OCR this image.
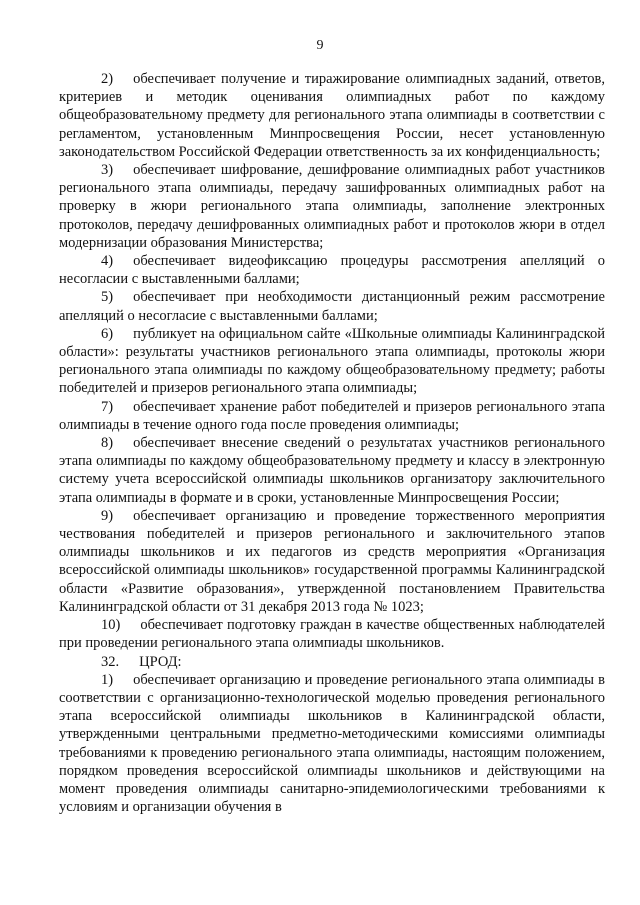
9

2) обеспечивает получение и тиражирование олимпиадных заданий, ответов, критериев и методик оценивания олимпиадных работ по каждому общеобразовательному предмету для регионального этапа олимпиады в соответствии с регламентом, установленным Минпросвещения России, несет установленную законодательством Российской Федерации ответственность за их конфиденциальность;

3) обеспечивает шифрование, дешифрование олимпиадных работ участников регионального этапа олимпиады, передачу зашифрованных олимпиадных работ на проверку в жюри регионального этапа олимпиады, заполнение электронных протоколов, передачу дешифрованных олимпиадных работ и протоколов жюри в отдел модернизации образования Министерства;

4) обеспечивает видеофиксацию процедуры рассмотрения апелляций о несогласии с выставленными баллами;

5) обеспечивает при необходимости дистанционный режим рассмотрение апелляций о несогласие с выставленными баллами;

6) публикует на официальном сайте «Школьные олимпиады Калининградской области»: результаты участников регионального этапа олимпиады, протоколы жюри регионального этапа олимпиады по каждому общеобразовательному предмету; работы победителей и призеров регионального этапа олимпиады;

7) обеспечивает хранение работ победителей и призеров регионального этапа олимпиады в течение одного года после проведения олимпиады;

8) обеспечивает внесение сведений о результатах участников регионального этапа олимпиады по каждому общеобразовательному предмету и классу в электронную систему учета всероссийской олимпиады школьников организатору заключительного этапа олимпиады в формате и в сроки, установленные Минпросвещения России;

9) обеспечивает организацию и проведение торжественного мероприятия чествования победителей и призеров регионального и заключительного этапов олимпиады школьников и их педагогов из средств мероприятия «Организация всероссийской олимпиады школьников» государственной программы Калининградской области «Развитие образования», утвержденной постановлением Правительства Калининградской области от 31 декабря 2013 года № 1023;

10) обеспечивает подготовку граждан в качестве общественных наблюдателей при проведении регионального этапа олимпиады школьников.

32. ЦРОД:

1) обеспечивает организацию и проведение регионального этапа олимпиады в соответствии с организационно-технологической моделью проведения регионального этапа всероссийской олимпиады школьников в Калининградской области, утвержденными центральными предметно-методическими комиссиями олимпиады требованиями к проведению регионального этапа олимпиады, настоящим положением, порядком проведения всероссийской олимпиады школьников и действующими на момент проведения олимпиады санитарно-эпидемиологическими требованиями к условиям и организации обучения в
